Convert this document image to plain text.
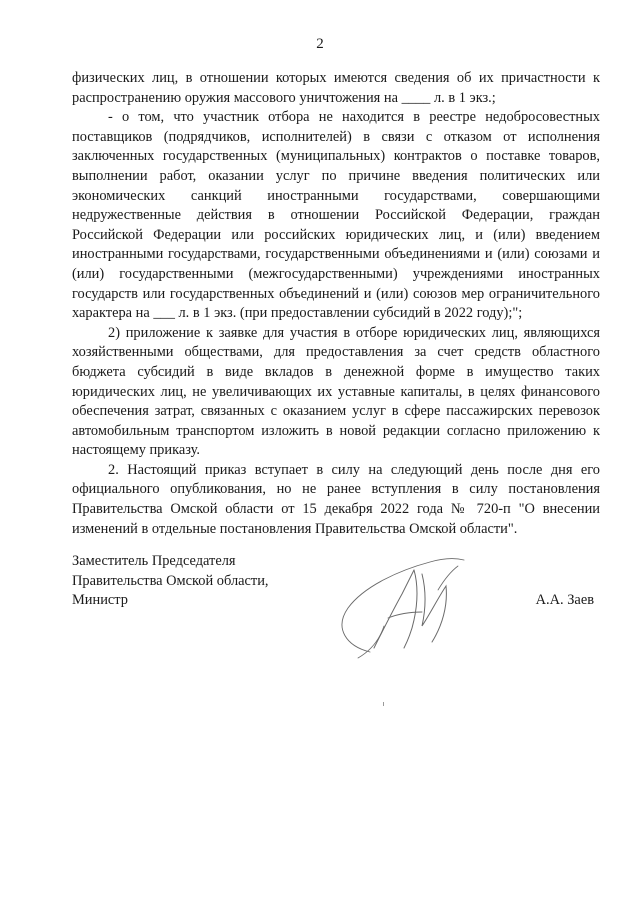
2

физических лиц, в отношении которых имеются сведения об их причастности к распространению оружия массового уничтожения на ____ л. в 1 экз.;

- о том, что участник отбора не находится в реестре недобросовестных поставщиков (подрядчиков, исполнителей) в связи с отказом от исполнения заключенных государственных (муниципальных) контрактов о поставке товаров, выполнении работ, оказании услуг по причине введения политических или экономических санкций иностранными государствами, совершающими недружественные действия в отношении Российской Федерации, граждан Российской Федерации или российских юридических лиц, и (или) введением иностранными государствами, государственными объединениями и (или) союзами и (или) государственными (межгосударственными) учреждениями иностранных государств или государственных объединений и (или) союзов мер ограничительного характера на ___ л. в 1 экз. (при предоставлении субсидий в 2022 году);";

2) приложение к заявке для участия в отборе юридических лиц, являющихся хозяйственными обществами, для предоставления за счет средств областного бюджета субсидий в виде вкладов в денежной форме в имущество таких юридических лиц, не увеличивающих их уставные капиталы, в целях финансового обеспечения затрат, связанных с оказанием услуг в сфере пассажирских перевозок автомобильным транспортом изложить в новой редакции согласно приложению к настоящему приказу.

2. Настоящий приказ вступает в силу на следующий день после дня его официального опубликования, но не ранее вступления в силу постановления Правительства Омской области от 15 декабря 2022 года № 720-п "О внесении изменений в отдельные постановления Правительства Омской области".

Заместитель Председателя
Правительства Омской области,
Министр	А.А. Заев
